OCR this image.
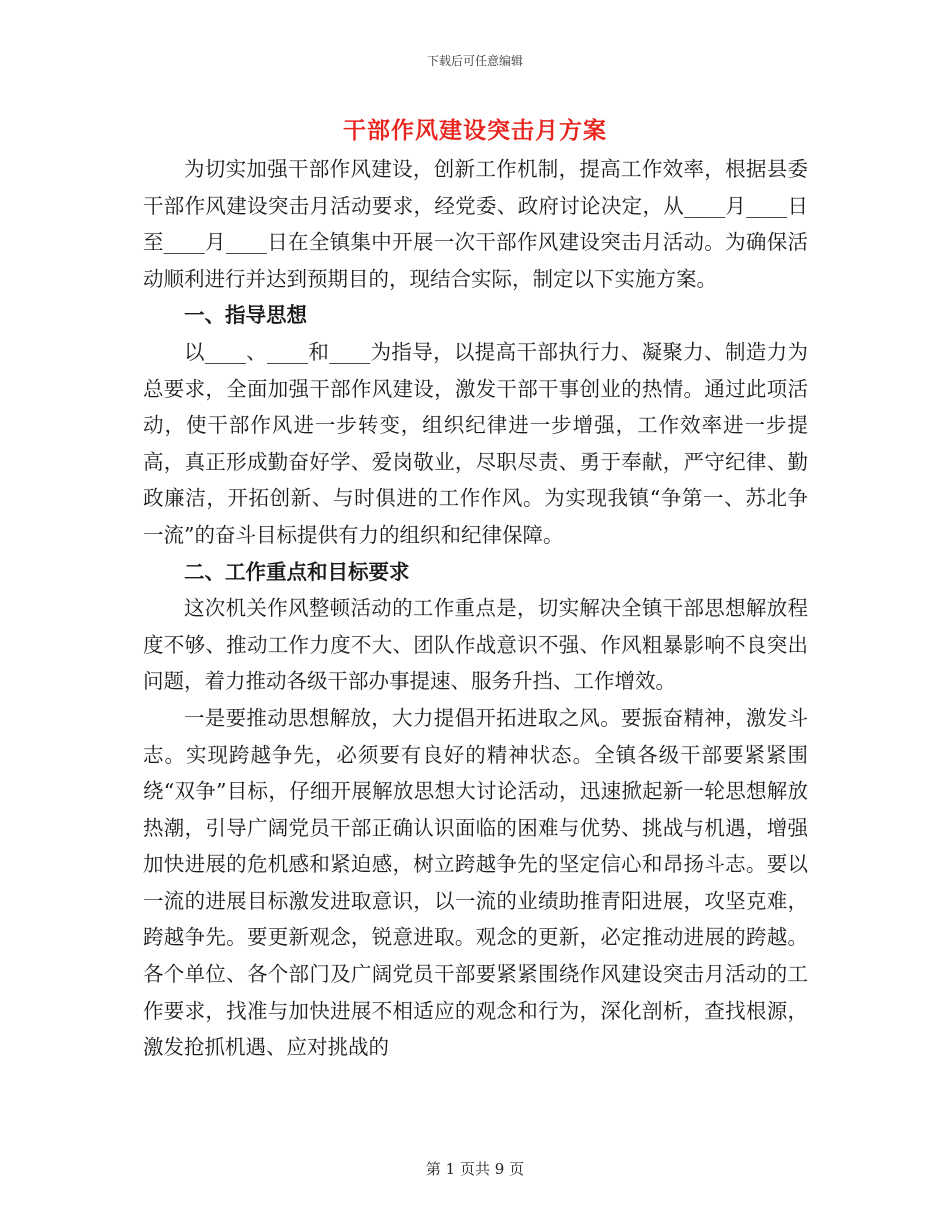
下载后可任意编辑
干部作风建设突击月方案

为切实加强干部作风建设，创新工作机制，提高工作效率，根据县委干部作风建设突击月活动要求，经党委、政府讨论决定，从____月____日至____月____日在全镇集中开展一次干部作风建设突击月活动。为确保活动顺利进行并达到预期目的，现结合实际，制定以下实施方案。

一、指导思想

以____、____和____为指导，以提高干部执行力、凝聚力、制造力为总要求，全面加强干部作风建设，激发干部干事创业的热情。通过此项活动，使干部作风进一步转变，组织纪律进一步增强，工作效率进一步提高，真正形成勤奋好学、爱岗敬业，尽职尽责、勇于奉献，严守纪律、勤政廉洁，开拓创新、与时俱进的工作作风。为实现我镇“争第一、苏北争一流”的奋斗目标提供有力的组织和纪律保障。

二、工作重点和目标要求

这次机关作风整顿活动的工作重点是，切实解决全镇干部思想解放程度不够、推动工作力度不大、团队作战意识不强、作风粗暴影响不良突出问题，着力推动各级干部办事提速、服务升挡、工作增效。

一是要推动思想解放，大力提倡开拓进取之风。要振奋精神，激发斗志。实现跨越争先，必须要有良好的精神状态。全镇各级干部要紧紧围绕“双争”目标，仔细开展解放思想大讨论活动，迅速掀起新一轮思想解放热潮，引导广阔党员干部正确认识面临的困难与优势、挑战与机遇，增强加快进展的危机感和紧迫感，树立跨越争先的坚定信心和昂扬斗志。要以一流的进展目标激发进取意识，以一流的业绩助推青阳进展，攻坚克难，跨越争先。要更新观念，锐意进取。观念的更新，必定推动进展的跨越。各个单位、各个部门及广阔党员干部要紧紧围绕作风建设突击月活动的工作要求，找准与加快进展不相适应的观念和行为，深化剖析，查找根源，激发抢抓机遇、应对挑战的

第 1 页共 9 页
